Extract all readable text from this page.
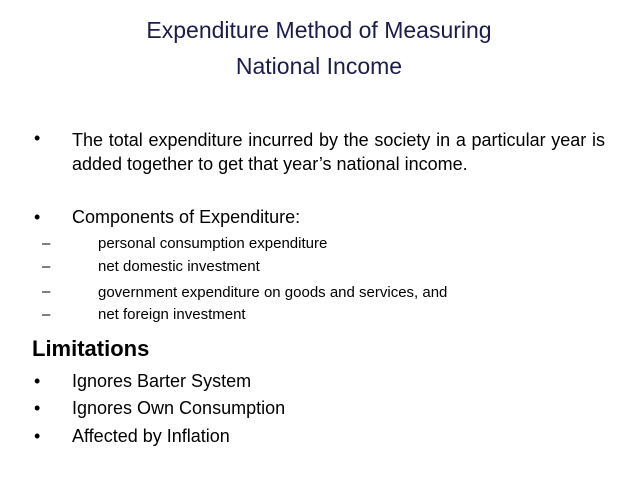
Expenditure Method of Measuring
National Income
• The total expenditure incurred by the society in a particular year is added together to get that year’s national income.
• Components of Expenditure:
–	personal consumption expenditure
–	net domestic investment
–	government expenditure on goods and services, and
–	net foreign investment
Limitations
• Ignores Barter System
• Ignores Own Consumption
• Affected by Inflation
